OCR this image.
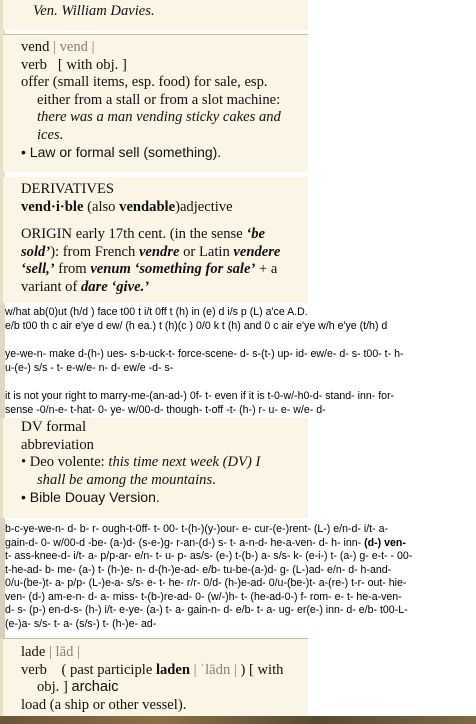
Ven. William Davies.
vend | vend |
verb [ with obj. ]
offer (small items, esp. food) for sale, esp.
either from a stall or from a slot machine:
there was a man vending sticky cakes and
ices.
• Law or formal sell (something).
DERIVATIVES
vend·i·ble (also vendable)adjective
ORIGIN early 17th cent. (in the sense ‘be
sold’): from French vendre or Latin vendere
‘sell,’ from venum ‘something for sale’ + a
variant of dare ‘give.’

w/hat ab(0)ut (h/d ) face t00 t i/t 0ff t (h) in (e) d i/s p (L) a'ce A.D.

e/b t00 th c air e'ye d ew/ (h ea.) t (h)(c ) 0/0 k t (h) and 0 c air e'ye w/h e'ye (t/h) d

ye-we-n- make d-(h-) ues- s-b-uck-t- force-scene- d- s-(t-) up- id- ew/e- d- s- t00- t- h-

u-(e-) s/s - t- e-w/e- n- d- ew/e -d- s-

it is not your right to marry-me-(an-ad-) 0f- t- even if it is t-0-w/-h0-d- stand- inn- for-

sense -0/n-e- t-hat- 0- ye- w/00-d- though- t-off -t- (h-) r- u- e- w/e- d-

DV formal
abbreviation
• Deo volente: this time next week (DV) I
shall be among the mountains.
• Bible Douay Version.

b-c-ye-we-n- d- b- r- ough-t-0ff- t- 00- t-(h-)(y-)our- e- cur-(e-)rent- (L-) e/n-d- i/t- a-

gain-d- 0- w/00-d -be- (a-)d- (s-e-)g- r-an-(d-) s- t- a-n-d- he-a-ven- d- h- inn- (d-) ven-

t- ass-knee-d- i/t- a- p/p-ar- e/n- t- u- p- as/s- (e-) t-(b-) a- s/s- k- (e-i-) t- (a-) g- e-t- - 00-

t-he-ad- b- me- (a-) t- (h-)e- n- d-(h-)e-ad- e/b- tu-be-(a-)d- g- (L-)ad- e/n- d- h-and-

0/u-(be-)t- a- p/p- (L-)e-a- s/s- e- t- he- r/r- 0/d- (h-)e-ad- 0/u-(be-)t- a-(re-) t-r- out- hie-

ven- (d-) am-e-n- d- a- miss- t-(b-)re-ad- 0- (w/-)h- t- (he-ad-0-) f- rom- e- t- he-a-ven-

d- s- (p-) en-d-s- (h-) i/t- e-ye- (a-) t- a- gain-n- d- e/b- t- a- ug- er(e-) inn- d- e/b- t00-L-

(e-)a- s/s- t- a- (s/s-) t- (h-)e- ad-

lade | lād |
verb ( past participle laden | ˈlādn | ) [ with
obj. ] archaic
load (a ship or other vessel).
